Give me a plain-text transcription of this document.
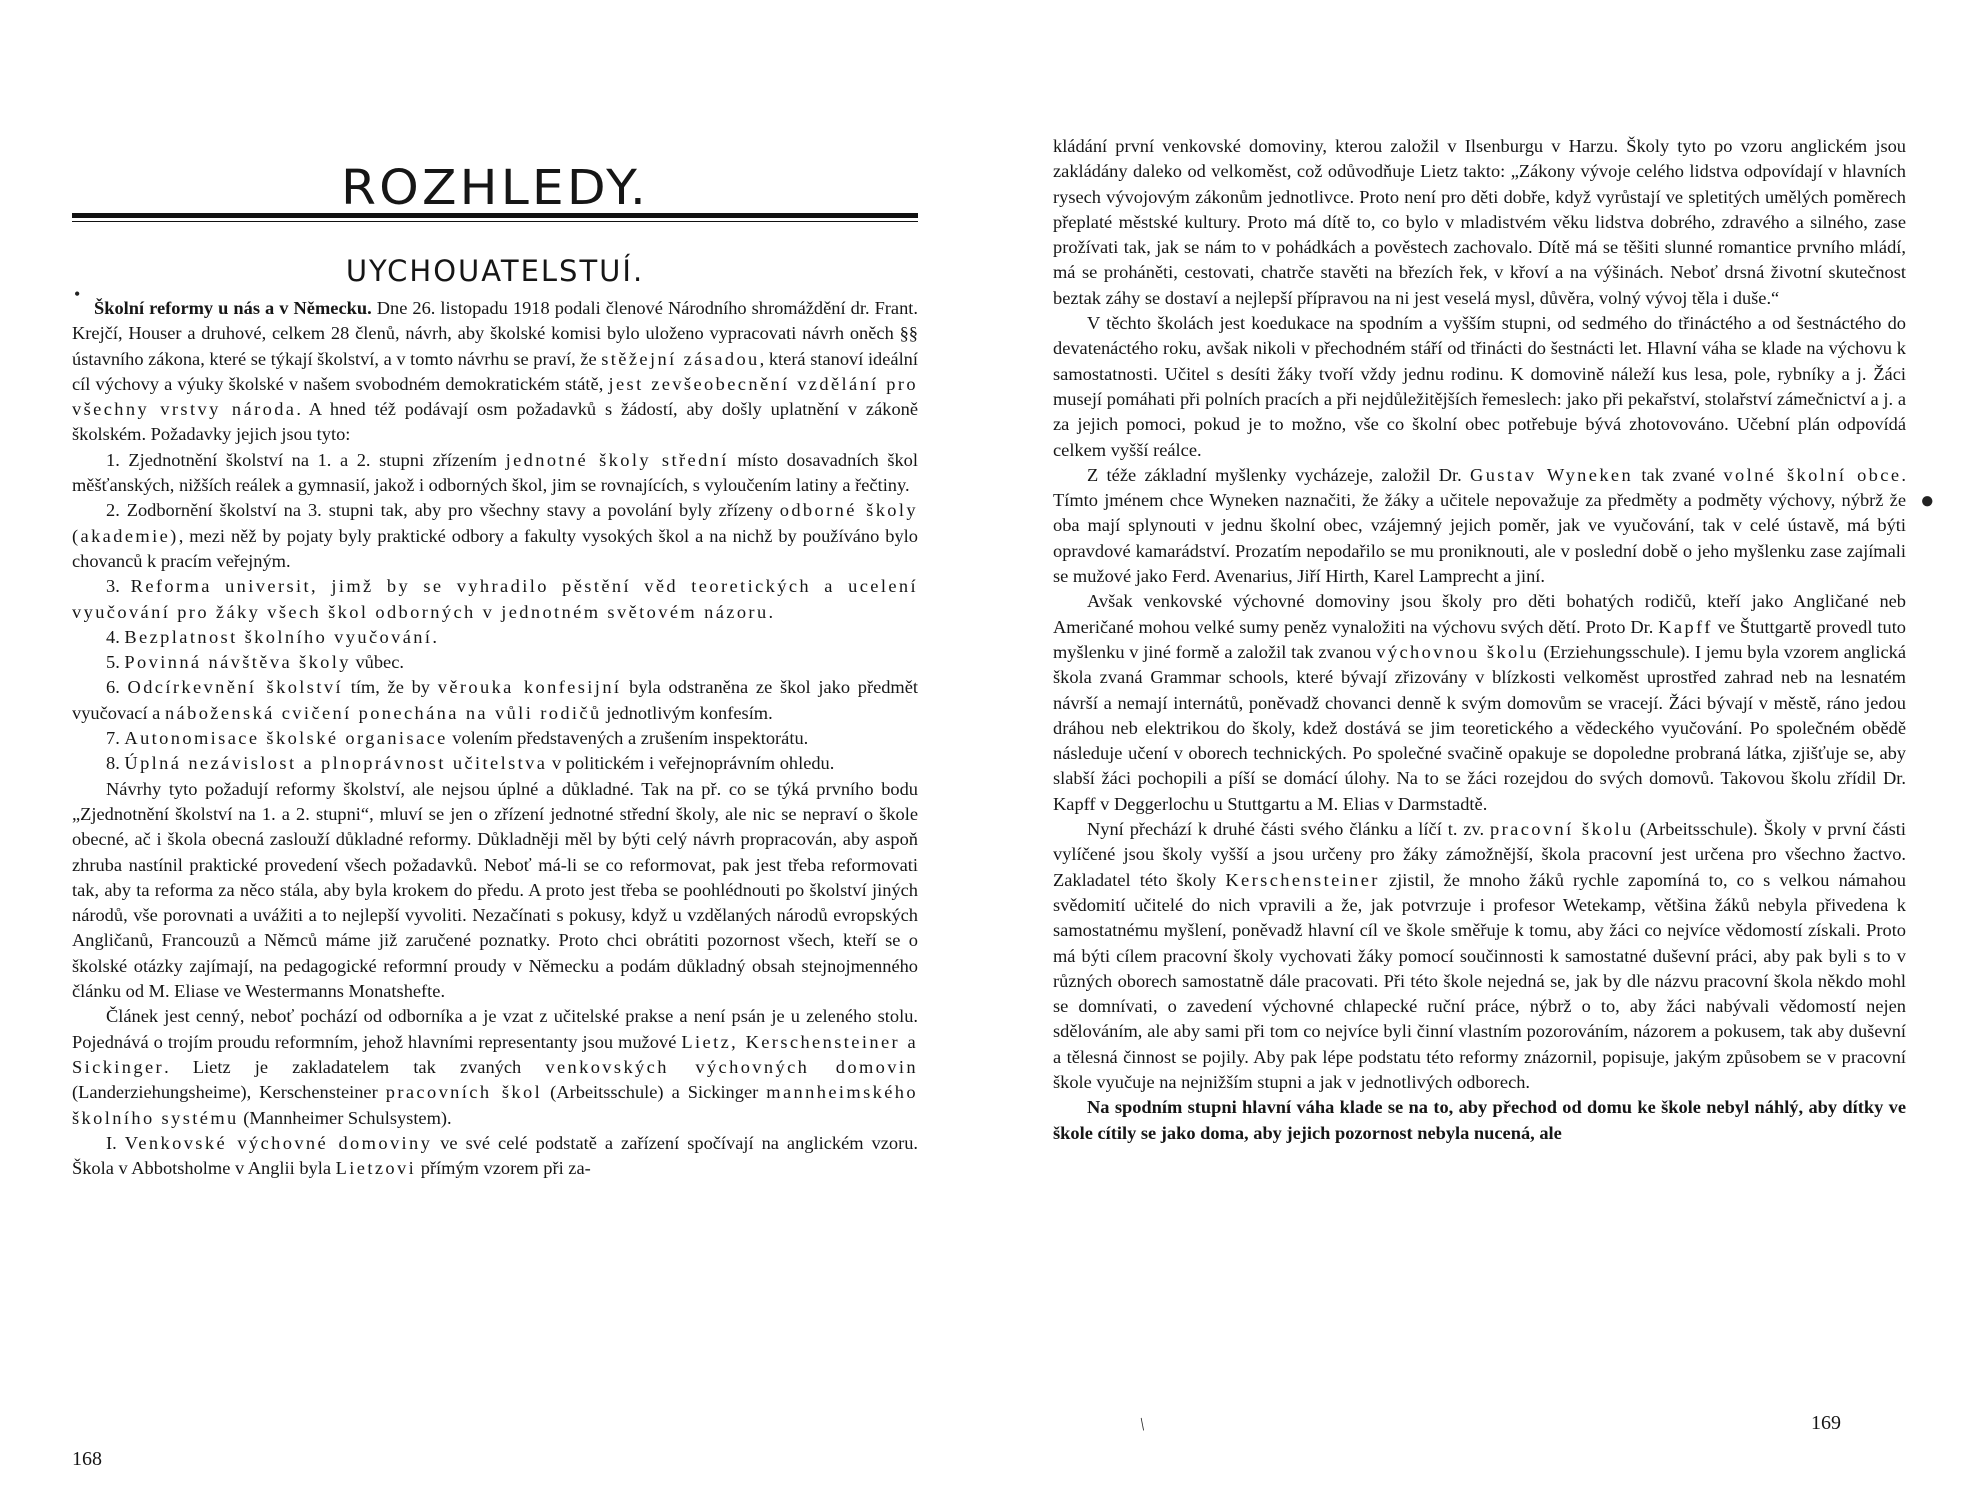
ROZHLEDY.
UYCHOUATELSTUÍ.
•

Školní reformy u nás a v Německu. Dne 26. listopadu 1918 podali členové Národního shromáždění dr. Frant. Krejčí, Houser a druhové, celkem 28 členů, návrh, aby školské komisi bylo uloženo vypracovati návrh oněch §§ ústavního zákona, které se týkají školství, a v tomto návrhu se praví, že stěžejní zásadou, která stanoví ideální cíl výchovy a výuky školské v našem svobodném demokratickém státě, jest zevšeobecnění vzdělání pro všechny vrstvy národa. A hned též podávají osm požadavků s žádostí, aby došly uplatnění v zákoně školském. Požadavky jejich jsou tyto:

1. Zjednotnění školství na 1. a 2. stupni zřízením jednotné školy střední místo dosavadních škol měšťanských, nižších reálek a gymnasií, jakož i odborných škol, jim se rovnajících, s vyloučením latiny a řečtiny.

2. Zodbornění školství na 3. stupni tak, aby pro všechny stavy a povolání byly zřízeny odborné školy (akademie), mezi něž by pojaty byly praktické odbory a fakulty vysokých škol a na nichž by používáno bylo chovanců k pracím veřejným.

3. Reforma universit, jimž by se vyhradilo pěstění věd teoretických a ucelení vyučování pro žáky všech škol odborných v jednotném světovém názoru.

4. Bezplatnost školního vyučování.

5. Povinná návštěva školy vůbec.

6. Odcírkevnění školství tím, že by věrouka konfesijní byla odstraněna ze škol jako předmět vyučovací a náboženská cvičení ponechána na vůli rodičů jednotlivým konfesím.

7. Autonomisace školské organisace volením představených a zrušením inspektorátu.

8. Úplná nezávislost a plnoprávnost učitelstva v politickém i veřejnoprávním ohledu.

Návrhy tyto požadují reformy školství, ale nejsou úplné a důkladné. Tak na př. co se týká prvního bodu „Zjednotnění školství na 1. a 2. stupni“, mluví se jen o zřízení jednotné střední školy, ale nic se nepraví o škole obecné, ač i škola obecná zaslouží důkladné reformy. Důkladněji měl by býti celý návrh propracován, aby aspoň zhruba nastínil praktické provedení všech požadavků. Neboť má-li se co reformovat, pak jest třeba reformovati tak, aby ta reforma za něco stála, aby byla krokem do předu. A proto jest třeba se poohlédnouti po školství jiných národů, vše porovnati a uvážiti a to nejlepší vyvoliti. Nezačínati s pokusy, když u vzdělaných národů evropských Angličanů, Francouzů a Němců máme již zaručené poznatky. Proto chci obrátiti pozornost všech, kteří se o školské otázky zajímají, na pedagogické reformní proudy v Německu a podám důkladný obsah stejnojmenného článku od M. Eliase ve Westermanns Monatshefte.

Článek jest cenný, neboť pochází od odborníka a je vzat z učitelské prakse a není psán je u zeleného stolu. Pojednává o trojím proudu reformním, jehož hlavními representanty jsou mužové Lietz, Kerschensteiner a Sickinger. Lietz je zakladatelem tak zvaných venkovských výchovných domovin (Landerziehungsheime), Kerschensteiner pracovních škol (Arbeitsschule) a Sickinger mannheimského školního systému (Mannheimer Schulsystem).

I. Venkovské výchovné domoviny ve své celé podstatě a zařízení spočívají na anglickém vzoru. Škola v Abbotsholme v Anglii byla Lietzovi přímým vzorem při za-

168

kládání první venkovské domoviny, kterou založil v Ilsenburgu v Harzu. Školy tyto po vzoru anglickém jsou zakládány daleko od velkoměst, což odůvodňuje Lietz takto: „Zákony vývoje celého lidstva odpovídají v hlavních rysech vývojovým zákonům jednotlivce. Proto není pro děti dobře, když vyrůstají ve spletitých umělých poměrech přeplaté městské kultury. Proto má dítě to, co bylo v mladistvém věku lidstva dobrého, zdravého a silného, zase prožívati tak, jak se nám to v pohádkách a pověstech zachovalo. Dítě má se těšiti slunné romantice prvního mládí, má se proháněti, cestovati, chatrče stavěti na březích řek, v křoví a na výšinách. Neboť drsná životní skutečnost beztak záhy se dostaví a nejlepší přípravou na ni jest veselá mysl, důvěra, volný vývoj těla i duše.“

V těchto školách jest koedukace na spodním a vyšším stupni, od sedmého do třináctého a od šestnáctého do devatenáctého roku, avšak nikoli v přechodném stáří od třinácti do šestnácti let. Hlavní váha se klade na výchovu k samostatnosti. Učitel s desíti žáky tvoří vždy jednu rodinu. K domovině náleží kus lesa, pole, rybníky a j. Žáci musejí pomáhati při polních pracích a při nejdůležitějších řemeslech: jako při pekařství, stolařství zámečnictví a j. a za jejich pomoci, pokud je to možno, vše co školní obec potřebuje bývá zhotovováno. Učební plán odpovídá celkem vyšší reálce.

Z téže základní myšlenky vycházeje, založil Dr. Gustav Wyneken tak zvané volné školní obce. Tímto jménem chce Wyneken naznačiti, že žáky a učitele nepovažuje za předměty a podměty výchovy, nýbrž že oba mají splynouti v jednu školní obec, vzájemný jejich poměr, jak ve vyučování, tak v celé ústavě, má býti opravdové kamarádství. Prozatím nepodařilo se mu proniknouti, ale v poslední době o jeho myšlenku zase zajímali se mužové jako Ferd. Avenarius, Jiří Hirth, Karel Lamprecht a jiní.

Avšak venkovské výchovné domoviny jsou školy pro děti bohatých rodičů, kteří jako Angličané neb Američané mohou velké sumy peněz vynaložiti na výchovu svých dětí. Proto Dr. Kapff ve Štuttgartě provedl tuto myšlenku v jiné formě a založil tak zvanou výchovnou školu (Erziehungsschule). I jemu byla vzorem anglická škola zvaná Grammar schools, které bývají zřizovány v blízkosti velkoměst uprostřed zahrad neb na lesnatém návrší a nemají internátů, poněvadž chovanci denně k svým domovům se vracejí. Žáci bývají v městě, ráno jedou dráhou neb elektrikou do školy, kdež dostává se jim teoretického a vědeckého vyučování. Po společném obědě následuje učení v oborech technických. Po společné svačině opakuje se dopoledne probraná látka, zjišťuje se, aby slabší žáci pochopili a píší se domácí úlohy. Na to se žáci rozejdou do svých domovů. Takovou školu zřídil Dr. Kapff v Deggerlochu u Stuttgartu a M. Elias v Darmstadtě.

Nyní přechází k druhé části svého článku a líčí t. zv. pracovní školu (Arbeitsschule). Školy v první části vylíčené jsou školy vyšší a jsou určeny pro žáky zámožnější, škola pracovní jest určena pro všechno žactvo. Zakladatel této školy Kerschensteiner zjistil, že mnoho žáků rychle zapomíná to, co s velkou námahou svědomití učitelé do nich vpravili a že, jak potvrzuje i profesor Wetekamp, většina žáků nebyla přivedena k samostatnému myšlení, poněvadž hlavní cíl ve škole směřuje k tomu, aby žáci co nejvíce vědomostí získali. Proto má býti cílem pracovní školy vychovati žáky pomocí součinnosti k samostatné duševní práci, aby pak byli s to v různých oborech samostatně dále pracovati. Při této škole nejedná se, jak by dle názvu pracovní škola někdo mohl se domnívati, o zavedení výchovné chlapecké ruční práce, nýbrž o to, aby žáci nabývali vědomostí nejen sdělováním, ale aby sami při tom co nejvíce byli činní vlastním pozorováním, názorem a pokusem, tak aby duševní a tělesná činnost se pojily. Aby pak lépe podstatu této reformy znázornil, popisuje, jakým způsobem se v pracovní škole vyučuje na nejnižším stupni a jak v jednotlivých odborech.

Na spodním stupni hlavní váha klade se na to, aby přechod od domu ke škole nebyl náhlý, aby dítky ve škole cítily se jako doma, aby jejich pozornost nebyla nucená, ale

●
/	169
